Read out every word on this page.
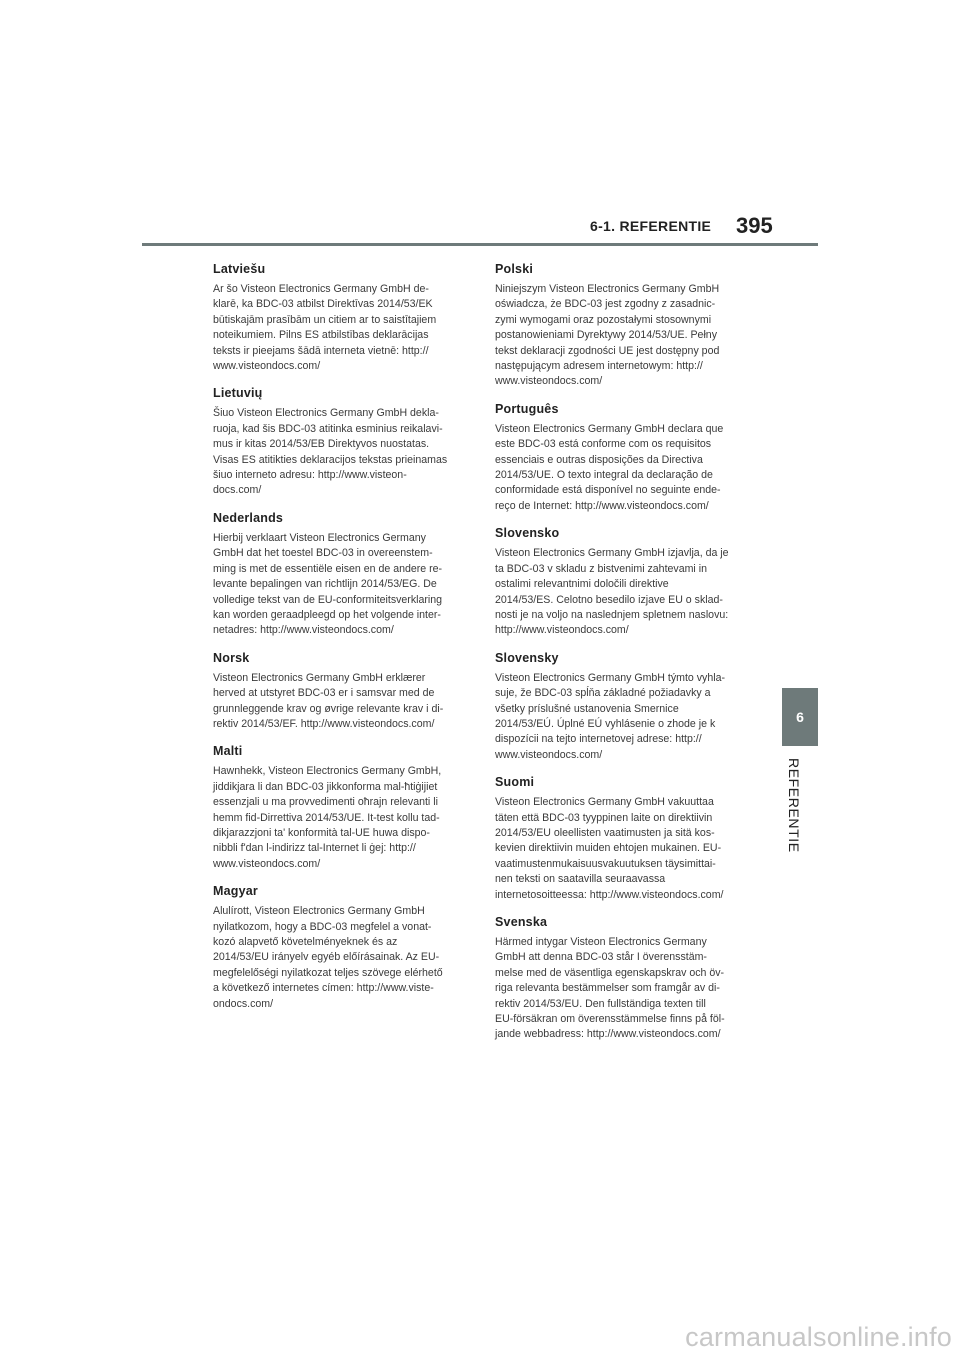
6-1. REFERENTIE 395
6
REFERENTIE
Latviešu

Ar šo Visteon Electronics Germany GmbH de-
klarē, ka BDC-03 atbilst Direktīvas 2014/53/EK
būtiskajām prasībām un citiem ar to saistītajiem
noteikumiem. Pilns ES atbilstības deklarācijas
teksts ir pieejams šādā interneta vietnē: http://
www.visteondocs.com/

Lietuvių

Šiuo Visteon Electronics Germany GmbH dekla-
ruoja, kad šis BDC-03 atitinka esminius reikalavi-
mus ir kitas 2014/53/EB Direktyvos nuostatas.
Visas ES atitikties deklaracijos tekstas prieinamas
šiuo interneto adresu: http://www.visteon-
docs.com/

Nederlands

Hierbij verklaart Visteon Electronics Germany
GmbH dat het toestel BDC-03 in overeenstem-
ming is met de essentiële eisen en de andere re-
levante bepalingen van richtlijn 2014/53/EG. De
volledige tekst van de EU-conformiteitsverklaring
kan worden geraadpleegd op het volgende inter-
netadres: http://www.visteondocs.com/

Norsk

Visteon Electronics Germany GmbH erklærer
herved at utstyret BDC-03 er i samsvar med de
grunnleggende krav og øvrige relevante krav i di-
rektiv 2014/53/EF. http://www.visteondocs.com/

Malti

Hawnhekk, Visteon Electronics Germany GmbH,
jiddikjara li dan BDC-03 jikkonforma mal-ħtiġijiet
essenzjali u ma provvedimenti oħrajn relevanti li
hemm fid-Dirrettiva 2014/53/UE. It-test kollu tad-
dikjarazzjoni ta' konformità tal-UE huwa dispo-
nibbli f'dan l-indirizz tal-Internet li ġej: http://
www.visteondocs.com/

Magyar

Alulírott, Visteon Electronics Germany GmbH
nyilatkozom, hogy a BDC-03 megfelel a vonat-
kozó alapvető követelményeknek és az
2014/53/EU irányelv egyéb előírásainak. Az EU-
megfelelőségi nyilatkozat teljes szövege elérhető
a következő internetes címen: http://www.viste-
ondocs.com/

Polski

Niniejszym Visteon Electronics Germany GmbH
oświadcza, że BDC-03 jest zgodny z zasadnic-
zymi wymogami oraz pozostałymi stosownymi
postanowieniami Dyrektywy 2014/53/UE. Pełny
tekst deklaracji zgodności UE jest dostępny pod
następującym adresem internetowym: http://
www.visteondocs.com/

Português

Visteon Electronics Germany GmbH declara que
este BDC-03 está conforme com os requisitos
essenciais e outras disposições da Directiva
2014/53/UE. O texto integral da declaração de
conformidade está disponível no seguinte ende-
reço de Internet: http://www.visteondocs.com/

Slovensko

Visteon Electronics Germany GmbH izjavlja, da je
ta BDC-03 v skladu z bistvenimi zahtevami in
ostalimi relevantnimi določili direktive
2014/53/ES. Celotno besedilo izjave EU o sklad-
nosti je na voljo na naslednjem spletnem naslovu:
http://www.visteondocs.com/

Slovensky

Visteon Electronics Germany GmbH týmto vyhla-
suje, že BDC-03 spĺňa základné požiadavky a
všetky príslušné ustanovenia Smernice
2014/53/EÚ. Úplné EÚ vyhlásenie o zhode je k
dispozícii na tejto internetovej adrese: http://
www.visteondocs.com/

Suomi

Visteon Electronics Germany GmbH vakuuttaa
täten että BDC-03 tyyppinen laite on direktiivin
2014/53/EU oleellisten vaatimusten ja sitä kos-
kevien direktiivin muiden ehtojen mukainen. EU-
vaatimustenmukaisuusvakuutuksen täysimittai-
nen teksti on saatavilla seuraavassa
internetosoitteessa: http://www.visteondocs.com/

Svenska

Härmed intygar Visteon Electronics Germany
GmbH att denna BDC-03 står I överensstäm-
melse med de väsentliga egenskapskrav och öv-
riga relevanta bestämmelser som framgår av di-
rektiv 2014/53/EU. Den fullständiga texten till
EU-försäkran om överensstämmelse finns på föl-
jande webbadress: http://www.visteondocs.com/

carmanualsonline.info
